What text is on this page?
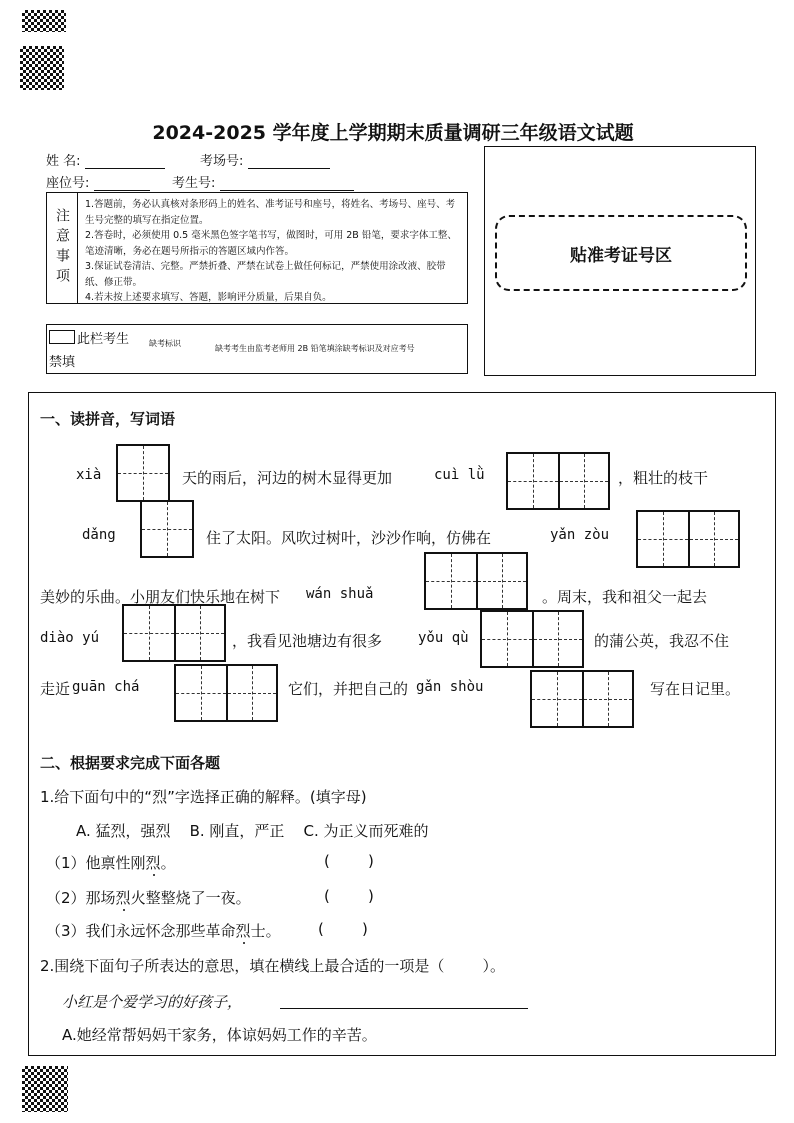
2024-2025 学年度上学期期末质量调研三年级语文试题
姓 名:	考场号:
座位号:	考生号:
注意事项
1.答题前，务必认真核对条形码上的姓名、准考证号和座号，将姓名、考场号、座号、考生号完整的填写在指定位置。
2.答卷时，必须使用 0.5 毫米黑色签字笔书写，做图时，可用 2B 铅笔，要求字体工整、笔迹清晰，务必在题号所指示的答题区域内作答。
3.保证试卷清洁、完整。严禁折叠、严禁在试卷上做任何标记，严禁使用涂改液、胶带纸、修正带。
4.若未按上述要求填写、答题，影响评分质量，后果自负。
此栏考生
禁填
缺考标识
缺考考生由监考老师用 2B 铅笔填涂缺考标识及对应考号
贴准考证号区
一、读拼音，写词语
xià	天的雨后，河边的树木显得更加	cuì lǜ	，粗壮的枝干
dǎng	住了太阳。风吹过树叶，沙沙作响，仿佛在	yǎn zòu
美妙的乐曲。小朋友们快乐地在树下 wán shuǎ	。周末，我和祖父一起去
diào yú	，我看见池塘边有很多	yǒu qù	的蒲公英，我忍不住
走近 guān chá	它们，并把自己的 gǎn shòu	写在日记里。
二、根据要求完成下面各题
1.给下面句中的“烈”字选择正确的解释。(填字母)
A. 猛烈，强烈    B. 刚直，严正    C. 为正义而死难的
（1）他禀性刚烈。	(        )
（2）那场烈火整整烧了一夜。	(        )
（3）我们永远怀念那些革命烈士。 (        )
2.围绕下面句子所表达的意思，填在横线上最合适的一项是（        ）。
小红是个爱学习的好孩子，
A.她经常帮妈妈干家务，体谅妈妈工作的辛苦。
